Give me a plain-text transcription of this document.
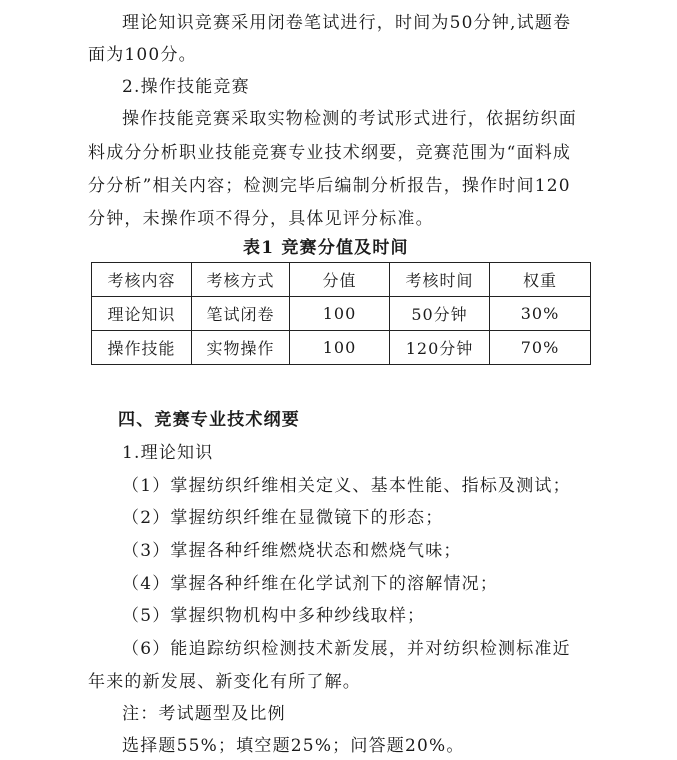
理论知识竞赛采用闭卷笔试进行，时间为50分钟,试题卷
面为100分。
2.操作技能竞赛
操作技能竞赛采取实物检测的考试形式进行，依据纺织面
料成分分析职业技能竞赛专业技术纲要，竞赛范围为“面料成
分分析”相关内容；检测完毕后编制分析报告，操作时间120
分钟，未操作项不得分，具体见评分标准。
表1 竞赛分值及时间
考核内容	考核方式	分值	考核时间	权重
理论知识	笔试闭卷	100	50分钟	30%
操作技能	实物操作	100	120分钟	70%
四、竞赛专业技术纲要
1.理论知识
（1）掌握纺织纤维相关定义、基本性能、指标及测试；
（2）掌握纺织纤维在显微镜下的形态；
（3）掌握各种纤维燃烧状态和燃烧气味；
（4）掌握各种纤维在化学试剂下的溶解情况；
（5）掌握织物机构中多种纱线取样；
（6）能追踪纺织检测技术新发展，并对纺织检测标准近
年来的新发展、新变化有所了解。
注：考试题型及比例
选择题55%；填空题25%；问答题20%。
